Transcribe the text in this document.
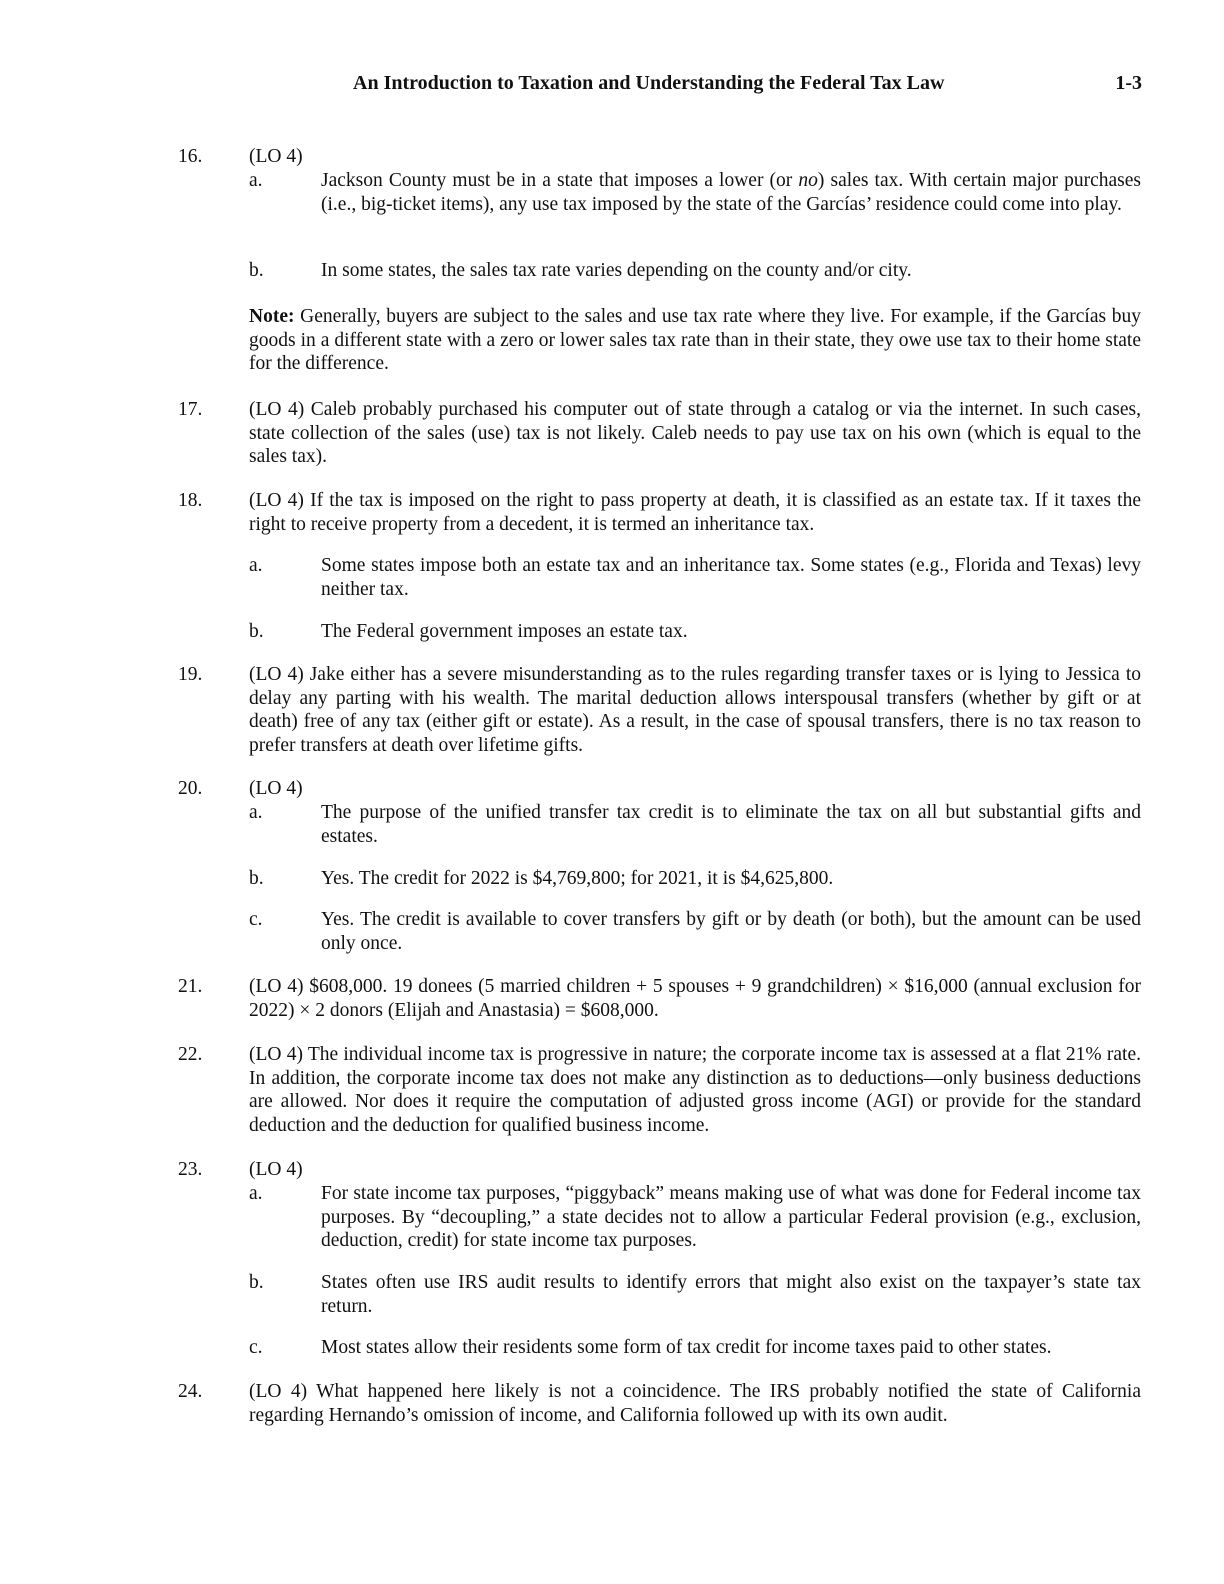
An Introduction to Taxation and Understanding the Federal Tax Law	1-3
16. (LO 4)
a.	Jackson County must be in a state that imposes a lower (or no) sales tax. With certain major purchases (i.e., big-ticket items), any use tax imposed by the state of the Garcías’ residence could come into play.
b.	In some states, the sales tax rate varies depending on the county and/or city.
Note: Generally, buyers are subject to the sales and use tax rate where they live. For example, if the Garcías buy goods in a different state with a zero or lower sales tax rate than in their state, they owe use tax to their home state for the difference.
17. (LO 4) Caleb probably purchased his computer out of state through a catalog or via the internet. In such cases, state collection of the sales (use) tax is not likely. Caleb needs to pay use tax on his own (which is equal to the sales tax).
18. (LO 4) If the tax is imposed on the right to pass property at death, it is classified as an estate tax. If it taxes the right to receive property from a decedent, it is termed an inheritance tax.
a.	Some states impose both an estate tax and an inheritance tax. Some states (e.g., Florida and Texas) levy neither tax.
b.	The Federal government imposes an estate tax.
19. (LO 4) Jake either has a severe misunderstanding as to the rules regarding transfer taxes or is lying to Jessica to delay any parting with his wealth. The marital deduction allows interspousal transfers (whether by gift or at death) free of any tax (either gift or estate). As a result, in the case of spousal transfers, there is no tax reason to prefer transfers at death over lifetime gifts.
20. (LO 4)
a.	The purpose of the unified transfer tax credit is to eliminate the tax on all but substantial gifts and estates.
b.	Yes. The credit for 2022 is $4,769,800; for 2021, it is $4,625,800.
c.	Yes. The credit is available to cover transfers by gift or by death (or both), but the amount can be used only once.
21. (LO 4) $608,000. 19 donees (5 married children + 5 spouses + 9 grandchildren) × $16,000 (annual exclusion for 2022) × 2 donors (Elijah and Anastasia) = $608,000.
22. (LO 4) The individual income tax is progressive in nature; the corporate income tax is assessed at a flat 21% rate. In addition, the corporate income tax does not make any distinction as to deductions—only business deductions are allowed. Nor does it require the computation of adjusted gross income (AGI) or provide for the standard deduction and the deduction for qualified business income.
23. (LO 4)
a.	For state income tax purposes, “piggyback” means making use of what was done for Federal income tax purposes. By “decoupling,” a state decides not to allow a particular Federal provision (e.g., exclusion, deduction, credit) for state income tax purposes.
b.	States often use IRS audit results to identify errors that might also exist on the taxpayer’s state tax return.
c.	Most states allow their residents some form of tax credit for income taxes paid to other states.
24. (LO 4) What happened here likely is not a coincidence. The IRS probably notified the state of California regarding Hernando’s omission of income, and California followed up with its own audit.
